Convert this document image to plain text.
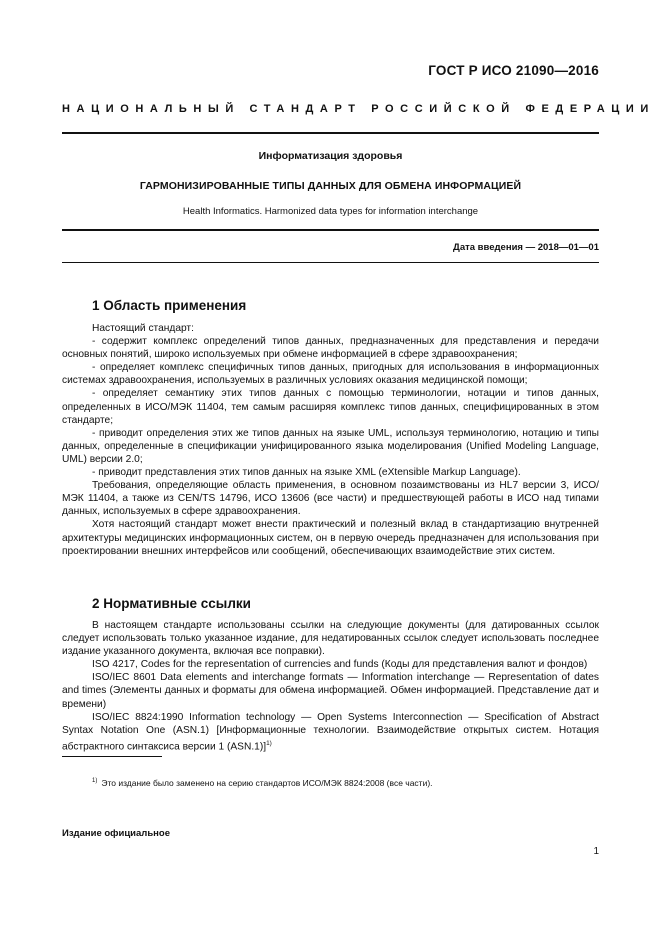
ГОСТ Р ИСО 21090—2016
НАЦИОНАЛЬНЫЙ СТАНДАРТ РОССИЙСКОЙ ФЕДЕРАЦИИ
Информатизация здоровья
ГАРМОНИЗИРОВАННЫЕ ТИПЫ ДАННЫХ ДЛЯ ОБМЕНА ИНФОРМАЦИЕЙ
Health Informatics. Harmonized data types for information interchange
Дата введения — 2018—01—01
1 Область применения

Настоящий стандарт:

- содержит комплекс определений типов данных, предназначенных для представления и передачи основных понятий, широко используемых при обмене информацией в сфере здравоохранения;

- определяет комплекс специфичных типов данных, пригодных для использования в информационных системах здравоохранения, используемых в различных условиях оказания медицинской помощи;

- определяет семантику этих типов данных с помощью терминологии, нотации и типов данных, определенных в ИСО/МЭК 11404, тем самым расширяя комплекс типов данных, специфицированных в этом стандарте;

- приводит определения этих же типов данных на языке UML, используя терминологию, нотацию и типы данных, определенные в спецификации унифицированного языка моделирования (Unified Modeling Language, UML) версии 2.0;

- приводит представления этих типов данных на языке XML (eXtensible Markup Language).

Требования, определяющие область применения, в основном позаимствованы из HL7 версии 3, ИСО/МЭК 11404, а также из CEN/TS 14796, ИСО 13606 (все части) и предшествующей работы в ИСО над типами данных, используемых в сфере здравоохранения.

Хотя настоящий стандарт может внести практический и полезный вклад в стандартизацию внутренней архитектуры медицинских информационных систем, он в первую очередь предназначен для использования при проектировании внешних интерфейсов или сообщений, обеспечивающих взаимодействие этих систем.

2 Нормативные ссылки

В настоящем стандарте использованы ссылки на следующие документы (для датированных ссылок следует использовать только указанное издание, для недатированных ссылок следует использовать последнее издание указанного документа, включая все поправки).

ISO 4217, Codes for the representation of currencies and funds (Коды для представления валют и фондов)

ISO/IEC 8601 Data elements and interchange formats — Information interchange — Representation of dates and times (Элементы данных и форматы для обмена информацией. Обмен информацией. Представление дат и времени)

ISO/IEC 8824:1990 Information technology — Open Systems Interconnection — Specification of Abstract Syntax Notation One (ASN.1) [Информационные технологии. Взаимодействие открытых систем. Нотация абстрактного синтаксиса версии 1 (ASN.1)]$^{1)}$

$^{1)}$ Это издание было заменено на серию стандартов ИСО/МЭК 8824:2008 (все части).
Издание официальное
1
